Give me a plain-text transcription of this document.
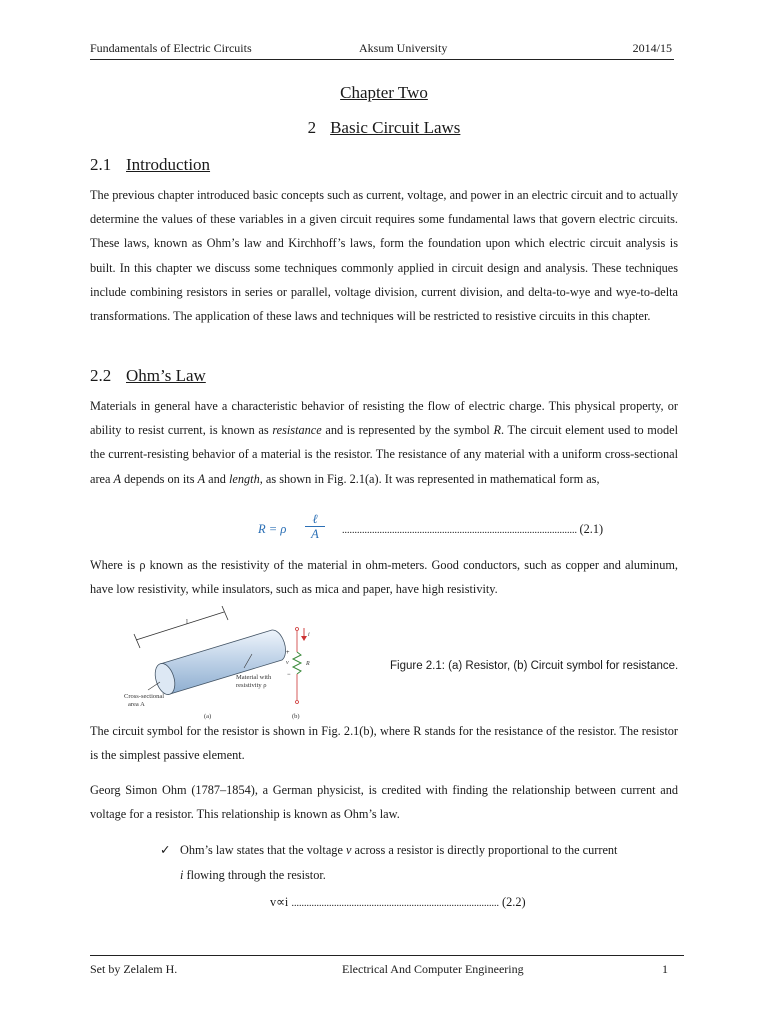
Fundamentals of Electric Circuits	Aksum University	2014/15
Chapter Two
2 Basic Circuit Laws
2.1 Introduction
The previous chapter introduced basic concepts such as current, voltage, and power in an electric circuit and to actually determine the values of these variables in a given circuit requires some fundamental laws that govern electric circuits. These laws, known as Ohm’s law and Kirchhoff’s laws, form the foundation upon which electric circuit analysis is built. In this chapter we discuss some techniques commonly applied in circuit design and analysis. These techniques include combining resistors in series or parallel, voltage division, current division, and delta-to-wye and wye-to-delta transformations. The application of these laws and techniques will be restricted to resistive circuits in this chapter.
2.2 Ohm’s Law
Materials in general have a characteristic behavior of resisting the flow of electric charge. This physical property, or ability to resist current, is known as resistance and is represented by the symbol R. The circuit element used to model the current-resisting behavior of a material is the resistor. The resistance of any material with a uniform cross-sectional area A depends on its A and length, as shown in Fig. 2.1(a). It was represented in mathematical form as,
R = ρ
ℓ
A	.............................................................................................. (2.1)
Where is ρ known as the resistivity of the material in ohm-meters. Good conductors, such as copper and aluminum, have low resistivity, while insulators, such as mica and paper, have high resistivity.
l
Material with
resistivity ρ
Cross-sectional
area A
(a)
i
+
v
−
R
(b)
Figure 2.1: (a) Resistor, (b) Circuit symbol for resistance.
The circuit symbol for the resistor is shown in Fig. 2.1(b), where R stands for the resistance of the resistor. The resistor is the simplest passive element.
Georg Simon Ohm (1787–1854), a German physicist, is credited with finding the relationship between current and voltage for a resistor. This relationship is known as Ohm’s law.
✓ Ohm’s law states that the voltage v across a resistor is directly proportional to the current
i flowing through the resistor.
v∝i ................................................................................... (2.2)
Set by Zelalem H.	Electrical And Computer Engineering	1
